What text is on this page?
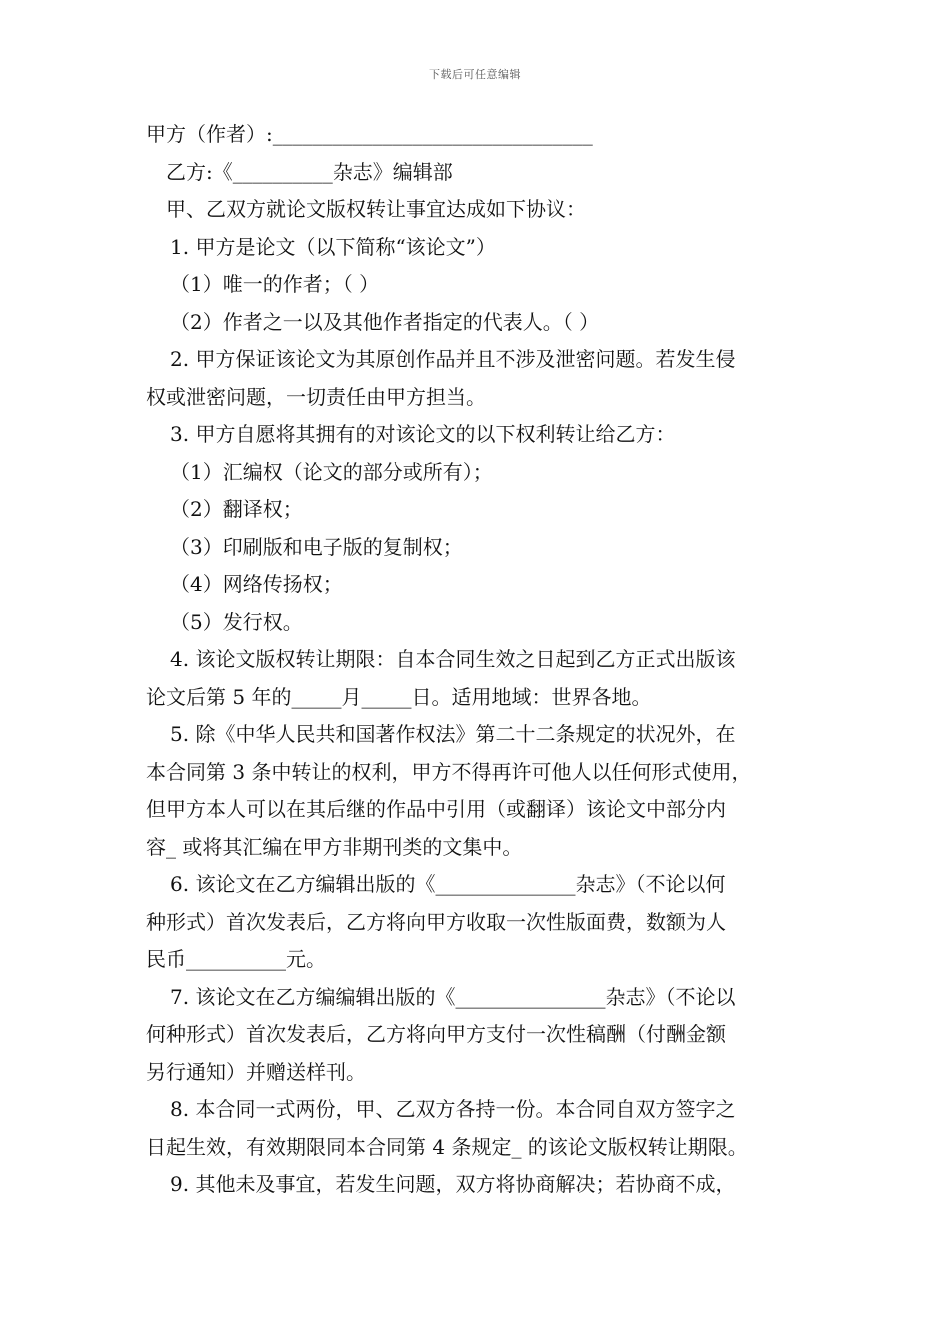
下载后可任意编辑
甲方（作者）:________________________________
乙方:《__________杂志》编辑部
甲、乙双方就论文版权转让事宜达成如下协议：
1. 甲方是论文（以下简称“该论文”）
（1）唯一的作者；（ ）
（2）作者之一以及其他作者指定的代表人。（ ）
2. 甲方保证该论文为其原创作品并且不涉及泄密问题。若发生侵
权或泄密问题，一切责任由甲方担当。
3. 甲方自愿将其拥有的对该论文的以下权利转让给乙方：
（1）汇编权（论文的部分或所有）；
（2）翻译权；
（3）印刷版和电子版的复制权；
（4）网络传扬权；
（5）发行权。
4. 该论文版权转让期限：自本合同生效之日起到乙方正式出版该
论文后第 5 年的_____月_____日。适用地域：世界各地。
5. 除《中华人民共和国著作权法》第二十二条规定的状况外，在
本合同第 3 条中转让的权利，甲方不得再许可他人以任何形式使用，
但甲方本人可以在其后继的作品中引用（或翻译）该论文中部分内
容_ 或将其汇编在甲方非期刊类的文集中。
6. 该论文在乙方编辑出版的《______________杂志》（不论以何
种形式）首次发表后，乙方将向甲方收取一次性版面费，数额为人
民币__________元。
7. 该论文在乙方编编辑出版的《_______________杂志》（不论以
何种形式）首次发表后，乙方将向甲方支付一次性稿酬（付酬金额
另行通知）并赠送样刊。
8. 本合同一式两份，甲、乙双方各持一份。本合同自双方签字之
日起生效，有效期限同本合同第 4 条规定_ 的该论文版权转让期限。
9. 其他未及事宜，若发生问题，双方将协商解决；若协商不成，
